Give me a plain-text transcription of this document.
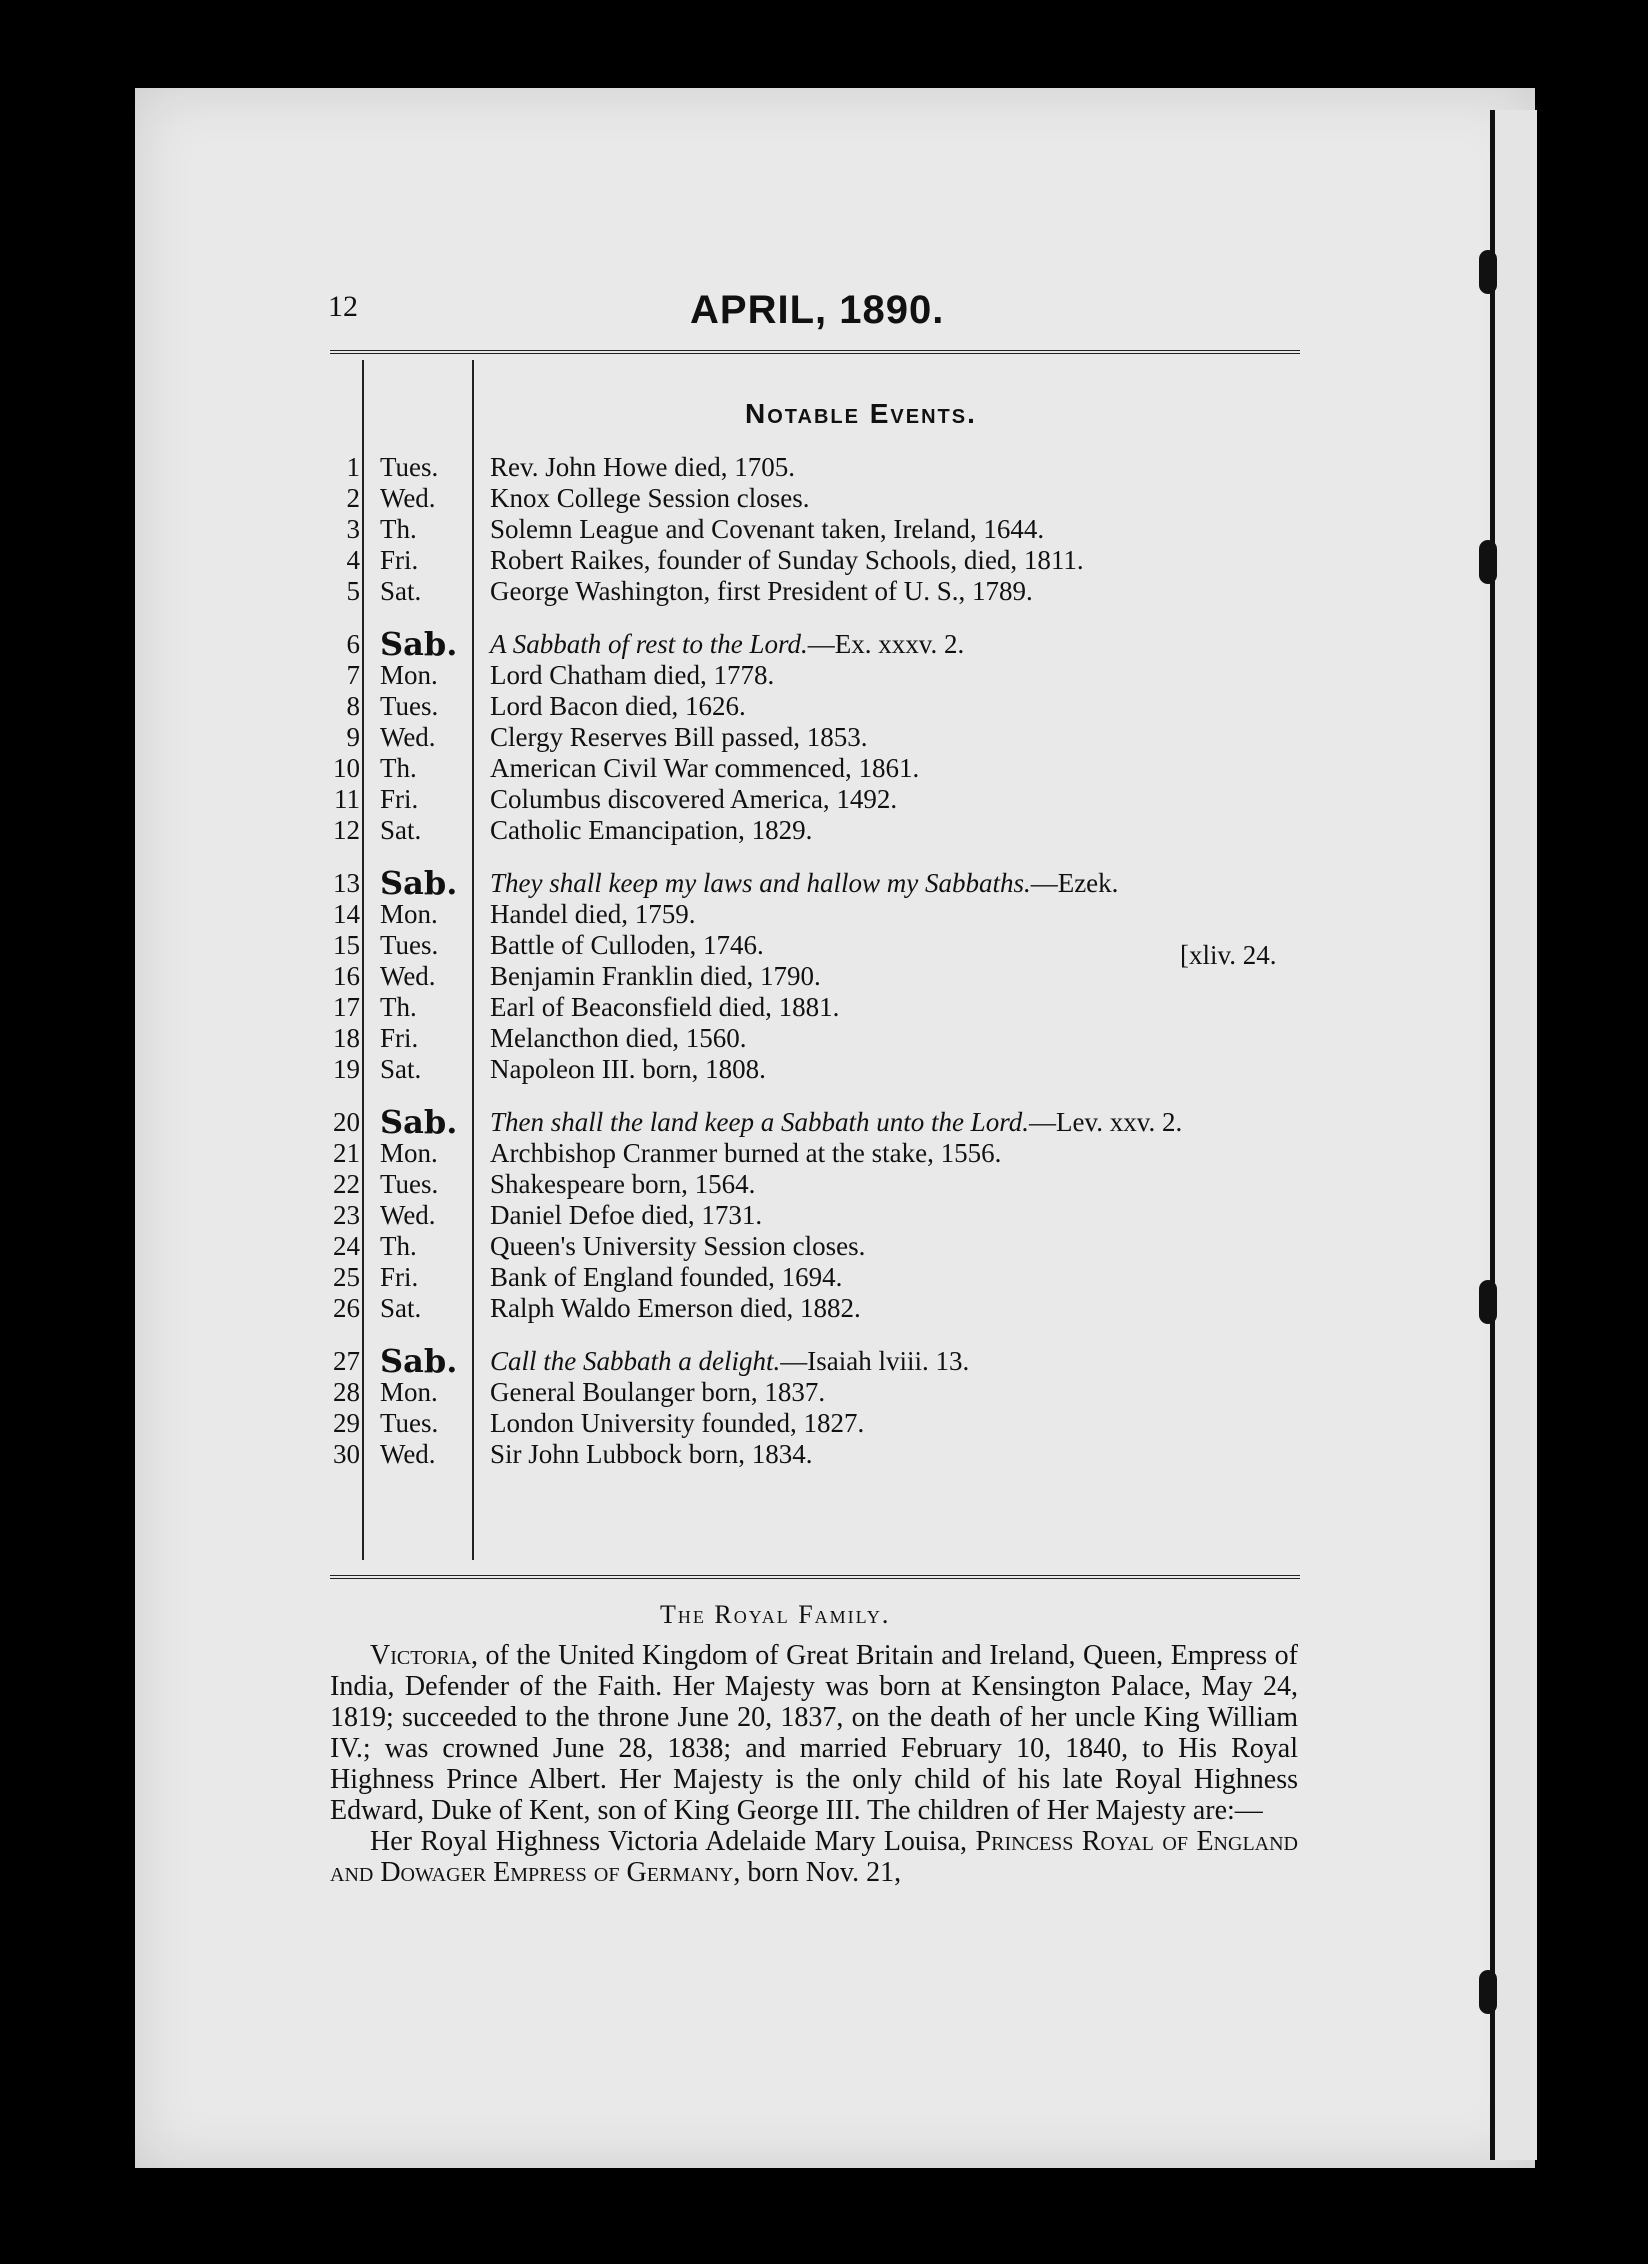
12	APRIL, 1890.
Notable Events.
1 Tues.	Rev. John Howe died, 1705.
2 Wed.	Knox College Session closes.
3 Th.	Solemn League and Covenant taken, Ireland, 1644.
4 Fri.	Robert Raikes, founder of Sunday Schools, died, 1811.
5 Sat.	George Washington, first President of U. S., 1789.
6 Sab.	A Sabbath of rest to the Lord.—Ex. xxxv. 2.
7 Mon.	Lord Chatham died, 1778.
8 Tues.	Lord Bacon died, 1626.
9 Wed.	Clergy Reserves Bill passed, 1853.
10 Th.	American Civil War commenced, 1861.
11 Fri.	Columbus discovered America, 1492.
12 Sat.	Catholic Emancipation, 1829.
13 Sab.	They shall keep my laws and hallow my Sabbaths.—Ezek.
14 Mon.	Handel died, 1759.
15 Tues.	Battle of Culloden, 1746.
16 Wed.	Benjamin Franklin died, 1790.
17 Th.	Earl of Beaconsfield died, 1881.
18 Fri.	Melancthon died, 1560.
19 Sat.	Napoleon III. born, 1808.
20 Sab.	Then shall the land keep a Sabbath unto the Lord.—Lev. xxv. 2.
21 Mon.	Archbishop Cranmer burned at the stake, 1556.
22 Tues.	Shakespeare born, 1564.
23 Wed.	Daniel Defoe died, 1731.
24 Th.	Queen's University Session closes.
25 Fri.	Bank of England founded, 1694.
26 Sat.	Ralph Waldo Emerson died, 1882.
27 Sab.	Call the Sabbath a delight.—Isaiah lviii. 13.
28 Mon.	General Boulanger born, 1837.
29 Tues.	London University founded, 1827.
30 Wed.	Sir John Lubbock born, 1834.
[xliv. 24.
The Royal Family.

Victoria, of the United Kingdom of Great Britain and Ireland, Queen, Empress of India, Defender of the Faith. Her Majesty was born at Kensington Palace, May 24, 1819; succeeded to the throne June 20, 1837, on the death of her uncle King William IV.; was crowned June 28, 1838; and married February 10, 1840, to His Royal Highness Prince Albert. Her Majesty is the only child of his late Royal Highness Edward, Duke of Kent, son of King George III. The children of Her Majesty are:—

Her Royal Highness Victoria Adelaide Mary Louisa, Princess Royal of England and Dowager Empress of Germany, born Nov. 21,
